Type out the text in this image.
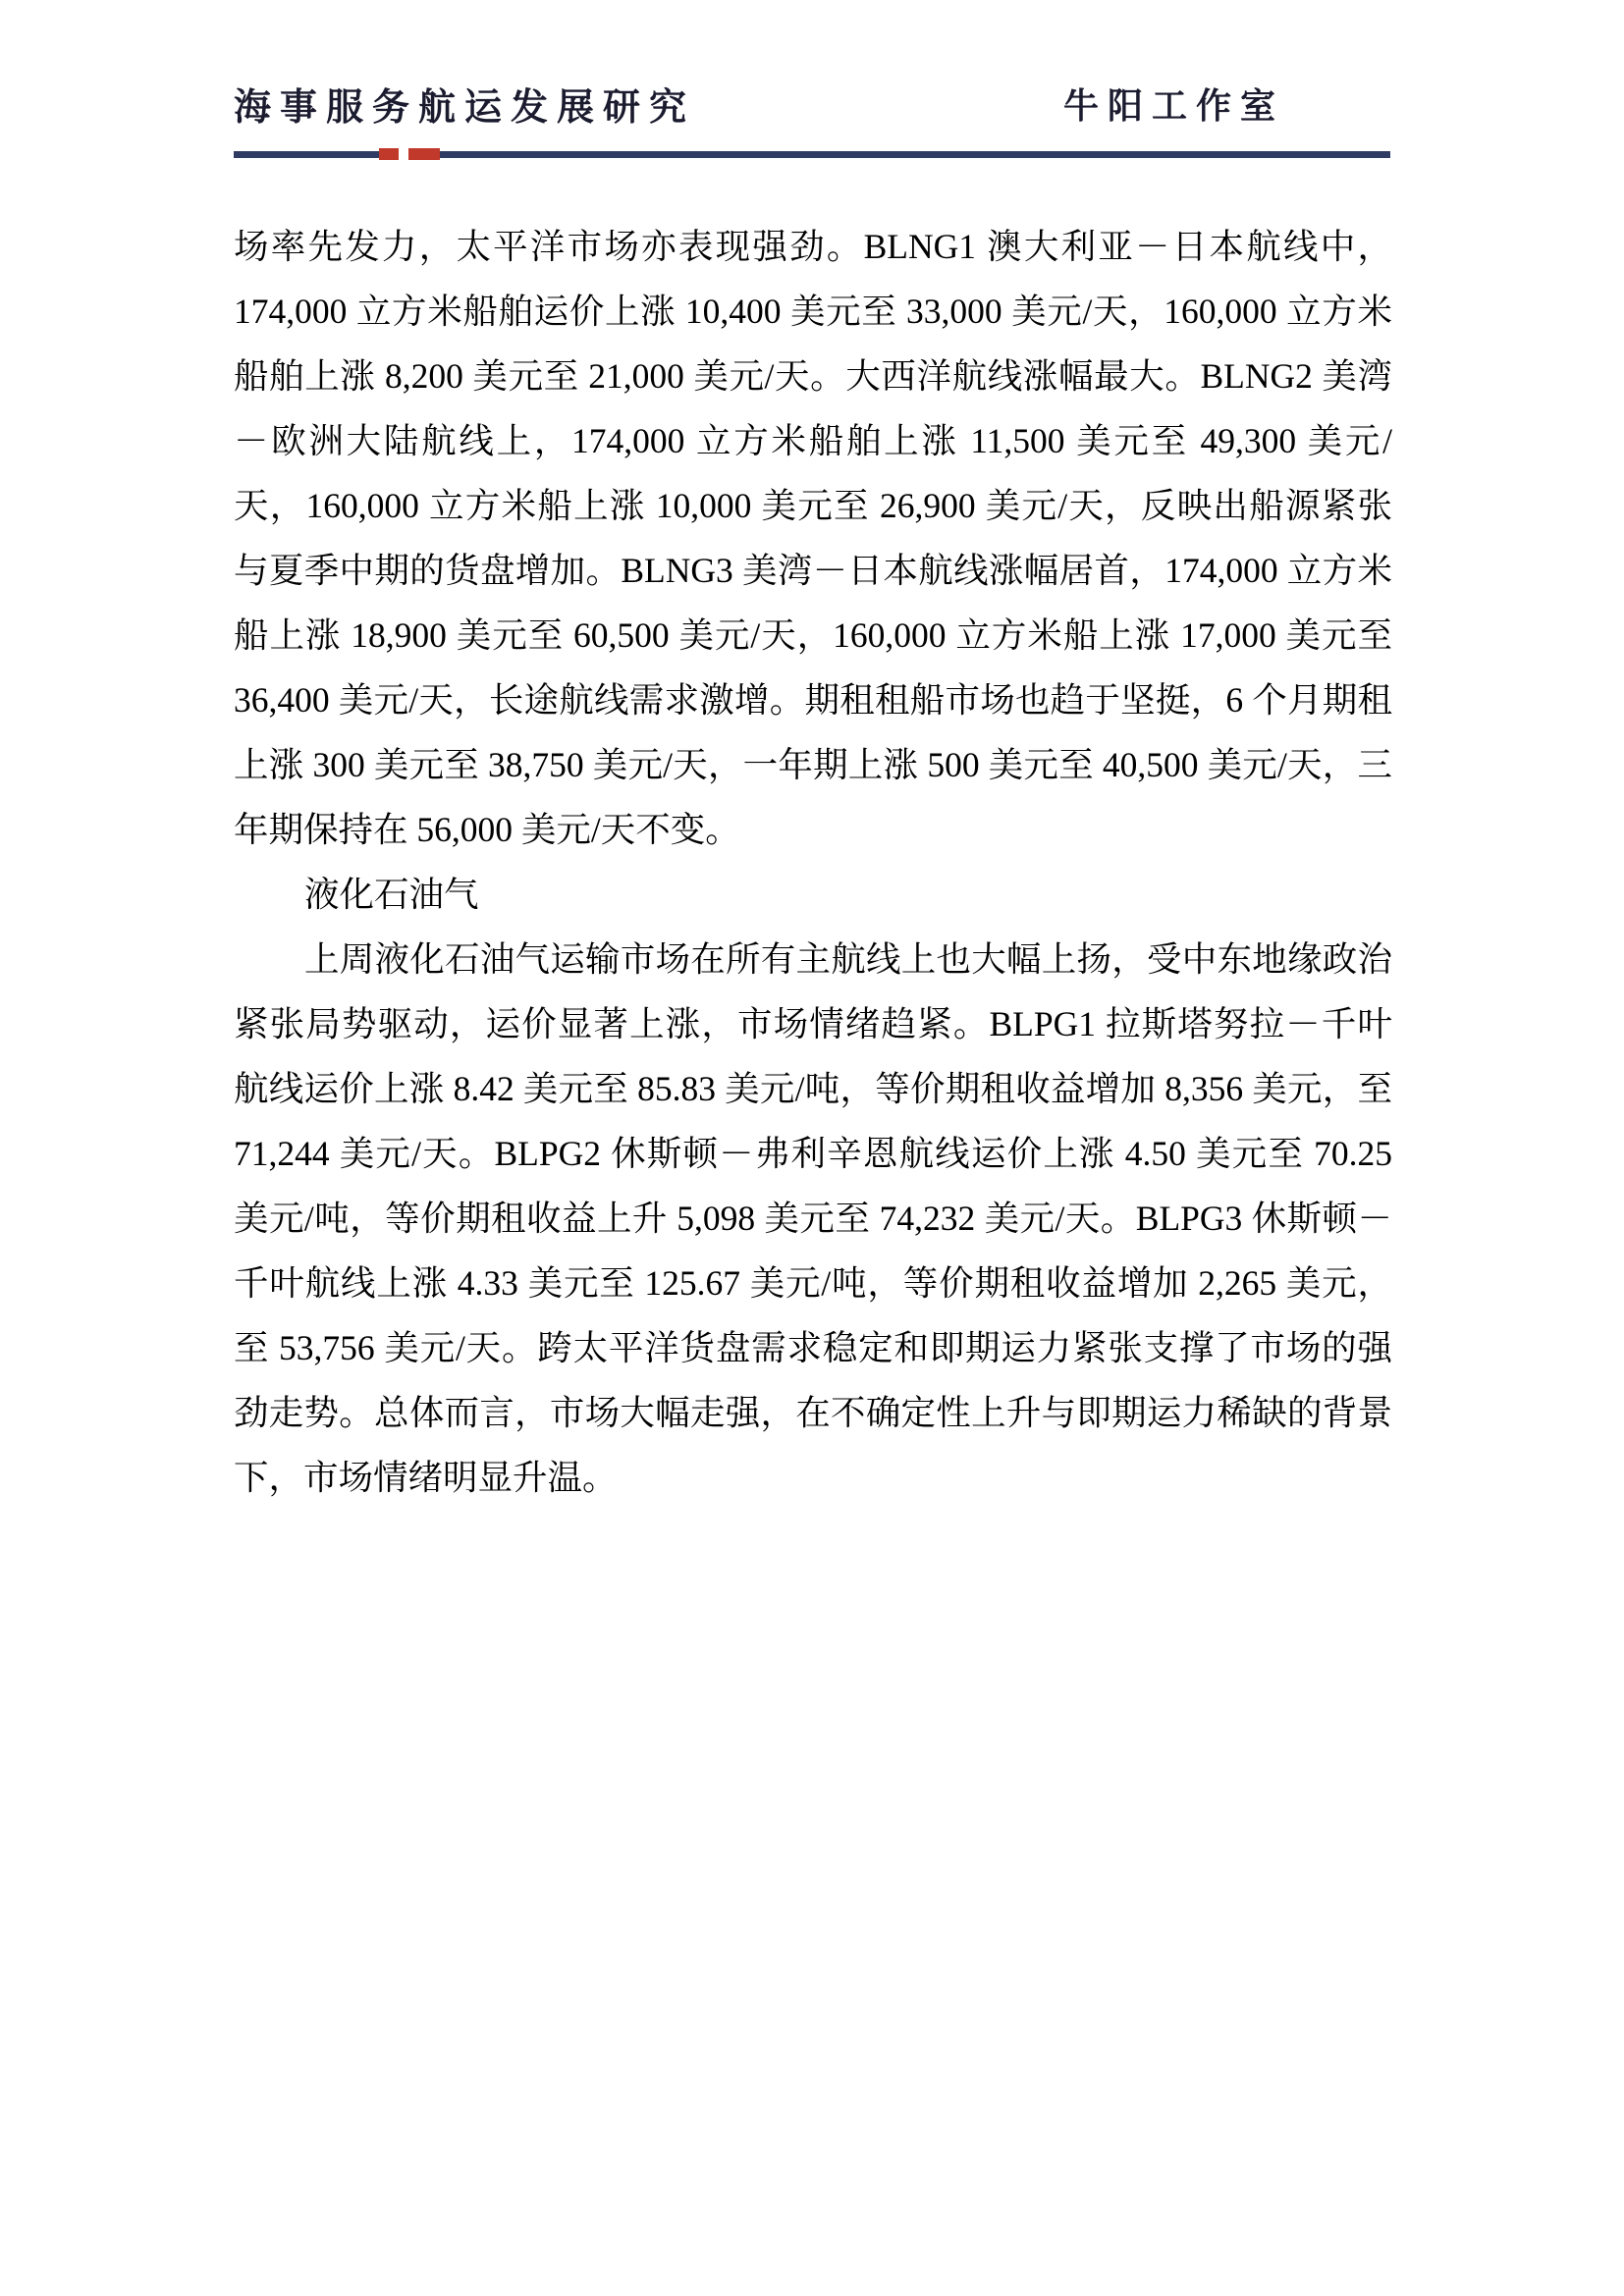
海事服务航运发展研究	牛阳工作室

场率先发力，太平洋市场亦表现强劲。BLNG1 澳大利亚－日本航线中，174,000 立方米船舶运价上涨 10,400 美元至 33,000 美元/天，160,000 立方米船舶上涨 8,200 美元至 21,000 美元/天。大西洋航线涨幅最大。BLNG2 美湾－欧洲大陆航线上，174,000 立方米船舶上涨 11,500 美元至 49,300 美元/天，160,000 立方米船上涨 10,000 美元至 26,900 美元/天，反映出船源紧张与夏季中期的货盘增加。BLNG3 美湾－日本航线涨幅居首，174,000 立方米船上涨 18,900 美元至 60,500 美元/天，160,000 立方米船上涨 17,000 美元至 36,400 美元/天，长途航线需求激增。期租租船市场也趋于坚挺，6 个月期租上涨 300 美元至 38,750 美元/天，一年期上涨 500 美元至 40,500 美元/天，三年期保持在 56,000 美元/天不变。

液化石油气

上周液化石油气运输市场在所有主航线上也大幅上扬，受中东地缘政治紧张局势驱动，运价显著上涨，市场情绪趋紧。BLPG1 拉斯塔努拉－千叶航线运价上涨 8.42 美元至 85.83 美元/吨，等价期租收益增加 8,356 美元，至 71,244 美元/天。BLPG2 休斯顿－弗利辛恩航线运价上涨 4.50 美元至 70.25 美元/吨，等价期租收益上升 5,098 美元至 74,232 美元/天。BLPG3 休斯顿－千叶航线上涨 4.33 美元至 125.67 美元/吨，等价期租收益增加 2,265 美元，至 53,756 美元/天。跨太平洋货盘需求稳定和即期运力紧张支撑了市场的强劲走势。总体而言，市场大幅走强，在不确定性上升与即期运力稀缺的背景下，市场情绪明显升温。
